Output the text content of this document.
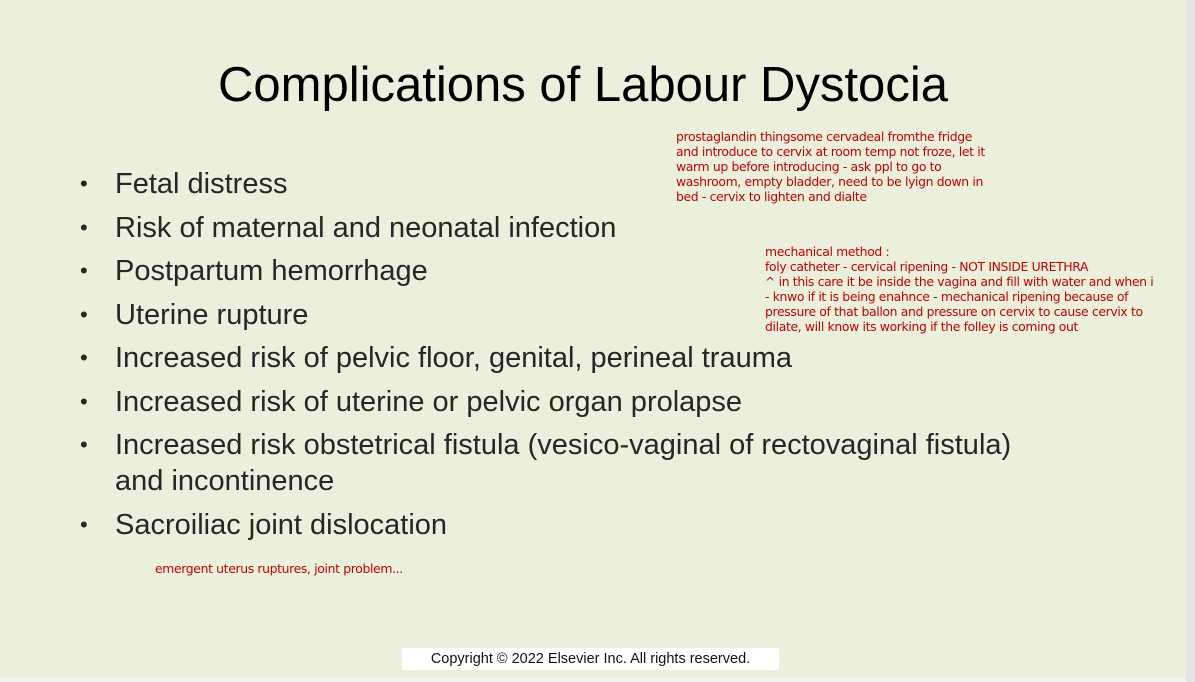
Complications of Labour Dystocia
• Fetal distress
• Risk of maternal and neonatal infection
• Postpartum hemorrhage
• Uterine rupture
• Increased risk of pelvic floor, genital, perineal trauma
• Increased risk of uterine or pelvic organ prolapse
• Increased risk obstetrical fistula (vesico-vaginal of rectovaginal fistula)
and incontinence
• Sacroiliac joint dislocation
prostaglandin thingsome cervadeal fromthe fridge
and introduce to cervix at room temp not froze, let it
warm up before introducing - ask ppl to go to
washroom, empty bladder, need to be lyign down in
bed - cervix to lighten and dialte
mechanical method :
foly catheter - cervical ripening - NOT INSIDE URETHRA
^ in this care it be inside the vagina and fill with water and when i
- knwo if it is being enahnce - mechanical ripening because of
pressure of that ballon and pressure on cervix to cause cervix to
dilate, will know its working if the folley is coming out
emergent uterus ruptures, joint problem...
Copyright © 2022 Elsevier Inc. All rights reserved.
